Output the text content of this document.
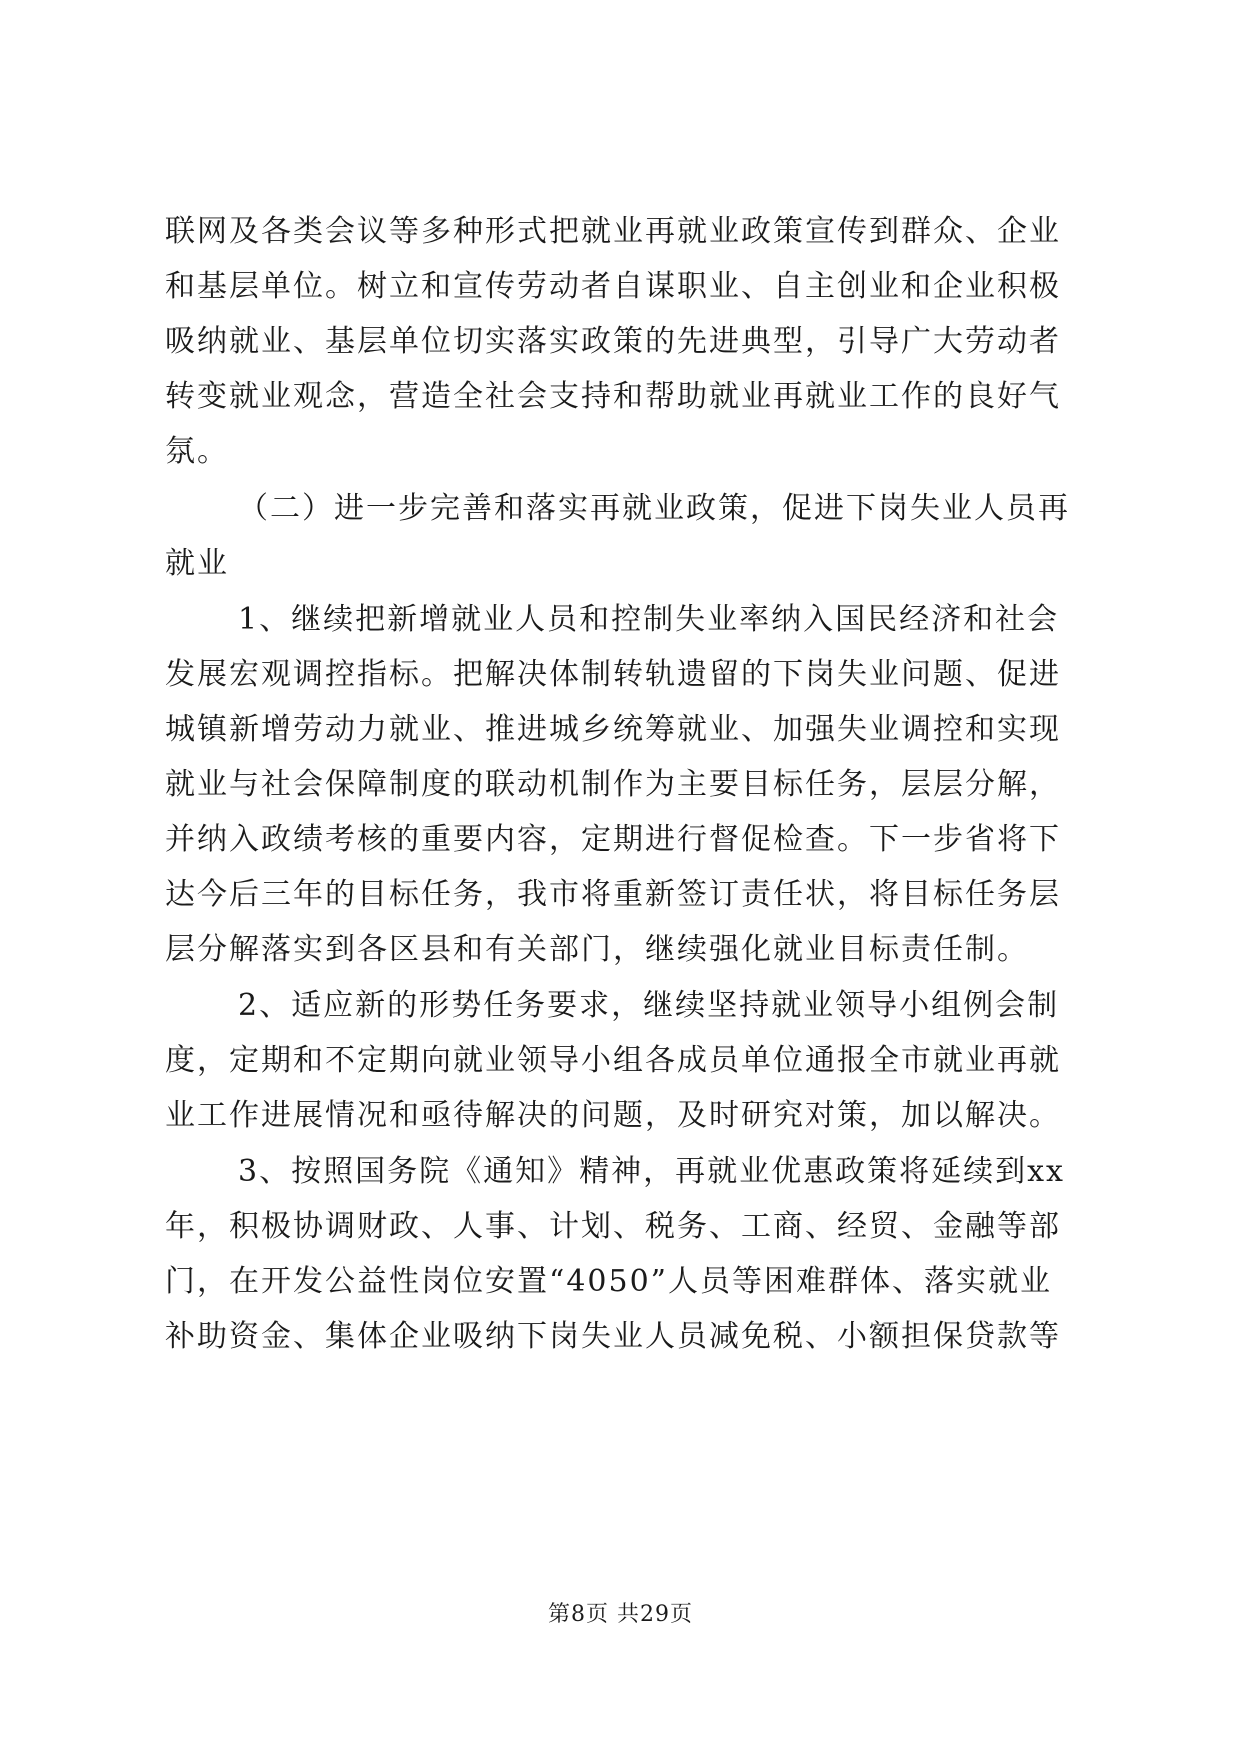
联网及各类会议等多种形式把就业再就业政策宣传到群众、企业
和基层单位。树立和宣传劳动者自谋职业、自主创业和企业积极
吸纳就业、基层单位切实落实政策的先进典型，引导广大劳动者
转变就业观念，营造全社会支持和帮助就业再就业工作的良好气
氛。
（二）进一步完善和落实再就业政策，促进下岗失业人员再
就业
1、继续把新增就业人员和控制失业率纳入国民经济和社会
发展宏观调控指标。把解决体制转轨遗留的下岗失业问题、促进
城镇新增劳动力就业、推进城乡统筹就业、加强失业调控和实现
就业与社会保障制度的联动机制作为主要目标任务，层层分解，
并纳入政绩考核的重要内容，定期进行督促检查。下一步省将下
达今后三年的目标任务，我市将重新签订责任状，将目标任务层
层分解落实到各区县和有关部门，继续强化就业目标责任制。
2、适应新的形势任务要求，继续坚持就业领导小组例会制
度，定期和不定期向就业领导小组各成员单位通报全市就业再就
业工作进展情况和亟待解决的问题，及时研究对策，加以解决。
3、按照国务院《通知》精神，再就业优惠政策将延续到xx
年，积极协调财政、人事、计划、税务、工商、经贸、金融等部
门，在开发公益性岗位安置“4050”人员等困难群体、落实就业
补助资金、集体企业吸纳下岗失业人员减免税、小额担保贷款等
第8页 共29页
